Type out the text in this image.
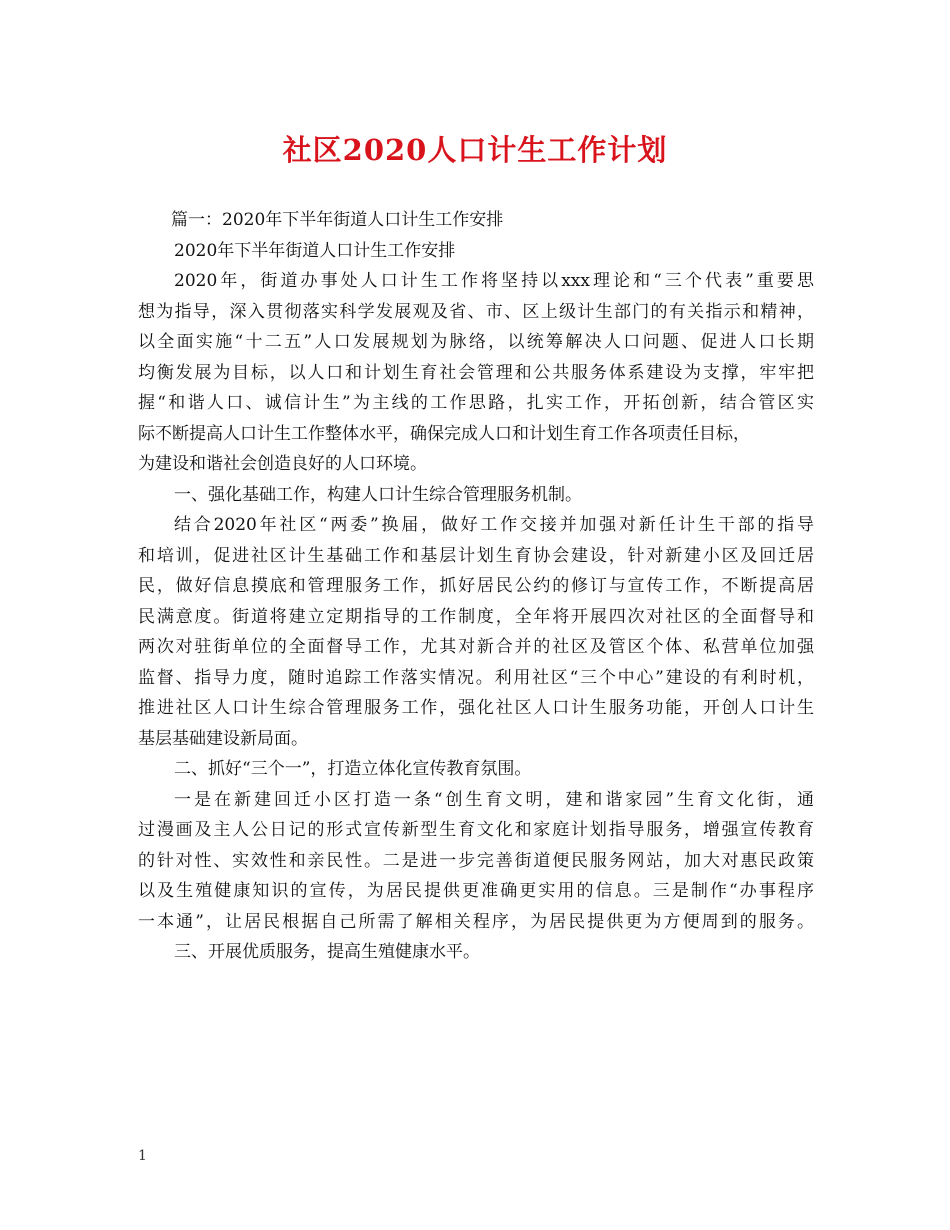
社区2020人口计生工作计划

篇一：2020年下半年街道人口计生工作安排

2020年下半年街道人口计生工作安排

2020年，街道办事处人口计生工作将坚持以xxx理论和“三个代表”重要思

想为指导，深入贯彻落实科学发展观及省、市、区上级计生部门的有关指示和精神，

以全面实施“十二五”人口发展规划为脉络，以统筹解决人口问题、促进人口长期

均衡发展为目标，以人口和计划生育社会管理和公共服务体系建设为支撑，牢牢把

握“和谐人口、诚信计生”为主线的工作思路，扎实工作，开拓创新，结合管区实

际不断提高人口计生工作整体水平，确保完成人口和计划生育工作各项责任目标，

为建设和谐社会创造良好的人口环境。

一、强化基础工作，构建人口计生综合管理服务机制。

结合2020年社区“两委”换届，做好工作交接并加强对新任计生干部的指导

和培训，促进社区计生基础工作和基层计划生育协会建设，针对新建小区及回迁居

民，做好信息摸底和管理服务工作，抓好居民公约的修订与宣传工作，不断提高居

民满意度。街道将建立定期指导的工作制度，全年将开展四次对社区的全面督导和

两次对驻街单位的全面督导工作，尤其对新合并的社区及管区个体、私营单位加强

监督、指导力度，随时追踪工作落实情况。利用社区“三个中心”建设的有利时机，

推进社区人口计生综合管理服务工作，强化社区人口计生服务功能，开创人口计生

基层基础建设新局面。

二、抓好“三个一”，打造立体化宣传教育氛围。

一是在新建回迁小区打造一条“创生育文明，建和谐家园”生育文化街，通

过漫画及主人公日记的形式宣传新型生育文化和家庭计划指导服务，增强宣传教育

的针对性、实效性和亲民性。二是进一步完善街道便民服务网站，加大对惠民政策

以及生殖健康知识的宣传，为居民提供更准确更实用的信息。三是制作“办事程序

一本通”，让居民根据自己所需了解相关程序，为居民提供更为方便周到的服务。

三、开展优质服务，提高生殖健康水平。

1
